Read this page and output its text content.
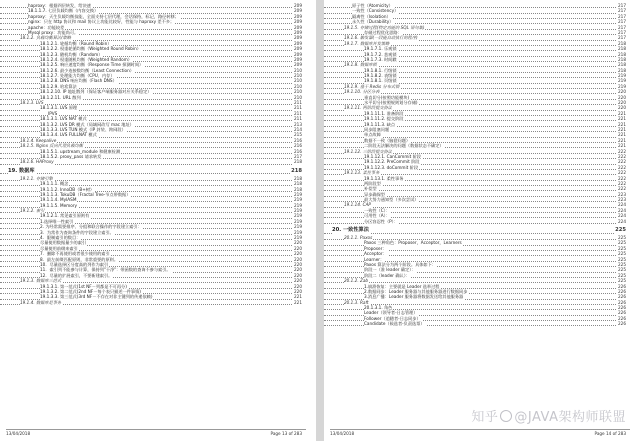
haproxy：根据四层转发，给决速	209
18.1.1.7. 七层负载均衡（内容交换）	209
haproxy：天生负载均衡技能，全面支持七层代理，会话保持，标记，路径转移；	209
nginx：只在 http 协议和 mail 协议上功能比较好，性能与 haproxy 差不多；	209
apache：功能较差	209
Mysql proxy：功能尚可。	209
18.1.2. 负载均衡算法/策略	209
18.1.2.1. 轮循均衡（Round Robin）	209
18.1.2.2. 权重轮循均衡（Weighted Round Robin）	209
18.1.2.3. 随机均衡（Random）	209
18.1.2.4. 权重随机均衡（Weighted Random）	209
18.1.2.5. 响应速度均衡（Response Time 探测时间）	209
18.1.2.6. 最少连接数均衡（Least Connection）	210
18.1.2.7. 处理能力均衡（CPU、内存）	210
18.1.2.8. DNS 响应均衡（Flash DNS）	210
18.1.2.9. 哈希算法	210
18.1.2.10. IP 地址散列（保证客户端服务器对应关系稳定）	210
18.1.2.11. URL 散列	210
18.1.3. LVS	211
18.1.3.1. LVS 原理	211
IPVS	211
18.1.3.1. LVS NAT 模式	211
18.1.3.2. LVS DR 模式（局域网改写 mac 地址）	213
18.1.3.3. LVS TUN 模式（IP 封装、跨网段）	214
18.1.3.4. LVS FULLNAT 模式	215
18.1.4. Keepalive	216
18.1.5. Nginx 反向代理负载均衡	216
18.1.5.1. upstream_module 和健康检测	216
18.1.5.2. proxy_pass 请求转发	217
18.1.6. HAProxy	218
19. 数据库	218
19.1.1. 存储引擎	218
19.1.1.1. 概念	218
19.1.1.2. InnoDB（B+树）	218
19.1.1.3. TokuDB（Fractal Tree-节点带数据）	219
19.1.1.4. MyIASM	219
19.1.1.5. Memory	219
19.1.2. 索引	219
19.1.2.1. 常见索引原则有	219
1.选择唯一性索引	219
2. 为经常需要排序、分组和联合操作的字段建立索引：	219
3．为常作为查询条件的字段建立索引。	219
4．限制索引的数目：	219
尽量使用数据量少的索引	220
尽量使用前缀来索引	220
7．删除不再使用或者很少使用的索引	220
8．最左前缀匹配原则，非常重要的原则。	220
10．尽量选择区分度高的列作为索引	220
11．索引列不能参与计算，保持列"干净"：带函数的查询不参与索引。	220
12．尽量的扩展索引，不要新建索引。	220
19.1.3. 数据库三范式	220
19.1.3.1. 第一范式(1st NF－列都是不可再分)	220
19.1.3.2. 第二范式(2nd NF－每个表只描述一件事情)	220
19.1.3.3. 第三范式(3rd NF－不存在对非主键列的传递依赖)	221
19.1.4. 数据库是事务	221
13/04/2018	Page 13 of 283
原子性（Atomicity）	217
一致性（Consistency）	217
隔离性（Isolation）	217
永久性（Durability）	217
19.1.5. 存储过程(特定功能的 SQL 语句集)	217
存储过程优化思路：	217
19.1.6. 触发器(一段能自动执行的程序)	217
19.1.7. 数据库并发策略	218
19.1.7.1. 乐观锁	218
19.1.7.2. 悲观锁	218
19.1.7.3. 时间戳	218
19.1.8. 数据库锁	218
19.1.8.1. 行级锁	218
19.1.8.2. 表级锁	219
19.1.8.1. 页级锁	219
19.1.9. 基于 Redis 分布式锁	219
19.1.10. 分区分表	220
垂直切分(按照功能模块)	220
水平切分(按照规则划分存储)	220
19.1.11. 两阶段提交协议	220
19.1.11.1. 准备阶段	221
19.1.11.2. 提交阶段	221
19.1.11.3. 缺点	221
同步阻塞问题	221
单点故障	221
数据不一致（脑裂问题）	221
二阶段无法解决的问题（数据状态不确定）	221
19.1.12. 三阶段提交协议	222
19.1.12.1. CanCommit 阶段	222
19.1.12.2. PreCommit 阶段	222
19.1.12.3. doCommit 阶段	222
19.1.13. 柔性事务	222
19.1.13.1. 柔性事务	222
两阶段型	222
补偿型	222
异步确保型	223
最大努力通知型（多次尝试）	223
19.1.14. CAP	224
一致性（C）：	224
可用性（A）：	224
分区容忍性（P）：	224
20. 一致性算法	225
20.1.1. Paxos	225
Paxos 三种角色：Proposer，Acceptor，Learners	225
Proposer：	225
Acceptor：	225
Learner：	225
Paxos 算法分为两个阶段。具体如下：	225
阶段一（准 leader 确定）：	225
阶段二（leader 确认）：	225
20.1.2. Zab	225
1.崩溃恢复：主要就是 Leader 选举过程	226
2.数据同步：Leader 服务器与其他服务器进行数据同步	226
3.消息广播：Leader 服务器将数据发送给其他服务器	226
20.1.3. Raft	226
20.1.3.1. 角色	226
Leader（领导者-日志管理）	226
Follower（追随者-日志同步）	226
Candidate（候选者-负责选票）	226
13/04/2018	Page 14 of 283
知乎 @JAVA架构师联盟
